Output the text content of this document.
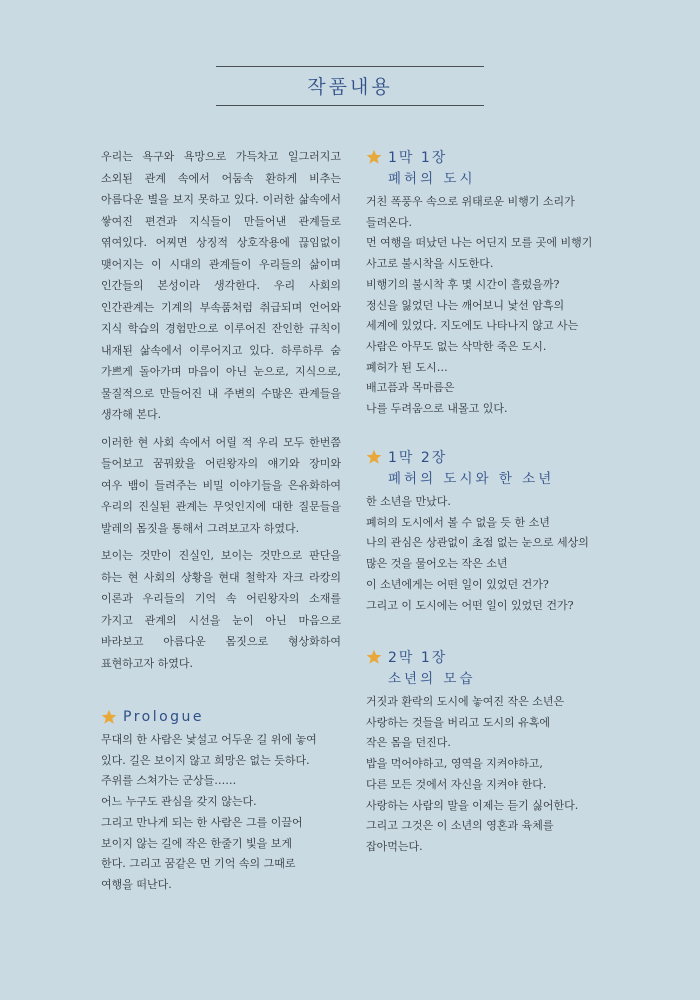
작품내용

우리는 욕구와 욕망으로 가득차고 일그러지고 소외된 관계 속에서 어둠속 환하게 비추는 아름다운 별을 보지 못하고 있다. 이러한 삶속에서 쌓여진 편견과 지식들이 만들어낸 관계들로 엮여있다. 어찌면 상징적 상호작용에 끊임없이 맺어지는 이 시대의 관계들이 우리들의 삶이며 인간들의 본성이라 생각한다. 우리 사회의 인간관계는 기계의 부속품처럼 취급되며 언어와 지식 학습의 경험만으로 이루어진 잔인한 규칙이 내재된 삶속에서 이루어지고 있다. 하루하루 숨 가쁘게 돌아가며 마음이 아닌 눈으로, 지식으로, 물질적으로 만들어진 내 주변의 수많은 관계들을 생각해 본다.

이러한 현 사회 속에서 어릴 적 우리 모두 한번쯤 들어보고 꿈꿔왔을 어린왕자의 얘기와 장미와 여우 뱀이 들려주는 비밀 이야기들을 은유화하여 우리의 진실된 관계는 무엇인지에 대한 질문들을 발레의 몸짓을 통해서 그려보고자 하였다.

보이는 것만이 진실인, 보이는 것만으로 판단을 하는 현 사회의 상황을 현대 철학자 자크 라캉의 이론과 우리들의 기억 속 어린왕자의 소재를 가지고 관계의 시선을 눈이 아닌 마음으로 바라보고 아름다운 몸짓으로 형상화하여 표현하고자 하였다.

Prologue
무대의 한 사람은 낯설고 어두운 길 위에 놓여
있다. 길은 보이지 않고 희망은 없는 듯하다.
주위를 스쳐가는 군상들……
어느 누구도 관심을 갖지 않는다.
그리고 만나게 되는 한 사람은 그를 이끌어
보이지 않는 길에 작은 한줄기 빛을 보게
한다. 그리고 꿈같은 먼 기억 속의 그때로
여행을 떠난다.
1막 1장
폐허의 도시
거친 폭풍우 속으로 위태로운 비행기 소리가
들려온다.
먼 여행을 떠났던 나는 어딘지 모를 곳에 비행기
사고로 불시착을 시도한다.
비행기의 불시착 후 몇 시간이 흘렀을까?
정신을 잃었던 나는 깨어보니 낯선 암흑의
세계에 있었다. 지도에도 나타나지 않고 사는
사람은 아무도 없는 삭막한 죽은 도시.
폐허가 된 도시…
배고픔과 목마름은
나를 두려움으로 내몰고 있다.
1막 2장
폐허의 도시와 한 소년
한 소년을 만났다.
폐허의 도시에서 볼 수 없을 듯 한 소년
나의 관심은 상관없이 초점 없는 눈으로 세상의
많은 것을 물어오는 작은 소년
이 소년에게는 어떤 일이 있었던 건가?
그리고 이 도시에는 어떤 일이 있었던 건가?
2막 1장
소년의 모습
거짓과 환락의 도시에 놓여진 작은 소년은
사랑하는 것들을 버리고 도시의 유혹에
작은 몸을 던진다.
밥을 먹어야하고, 영역을 지켜야하고,
다른 모든 것에서 자신을 지켜야 한다.
사랑하는 사람의 말을 이제는 듣기 싫어한다.
그리고 그것은 이 소년의 영혼과 육체를
잡아먹는다.
